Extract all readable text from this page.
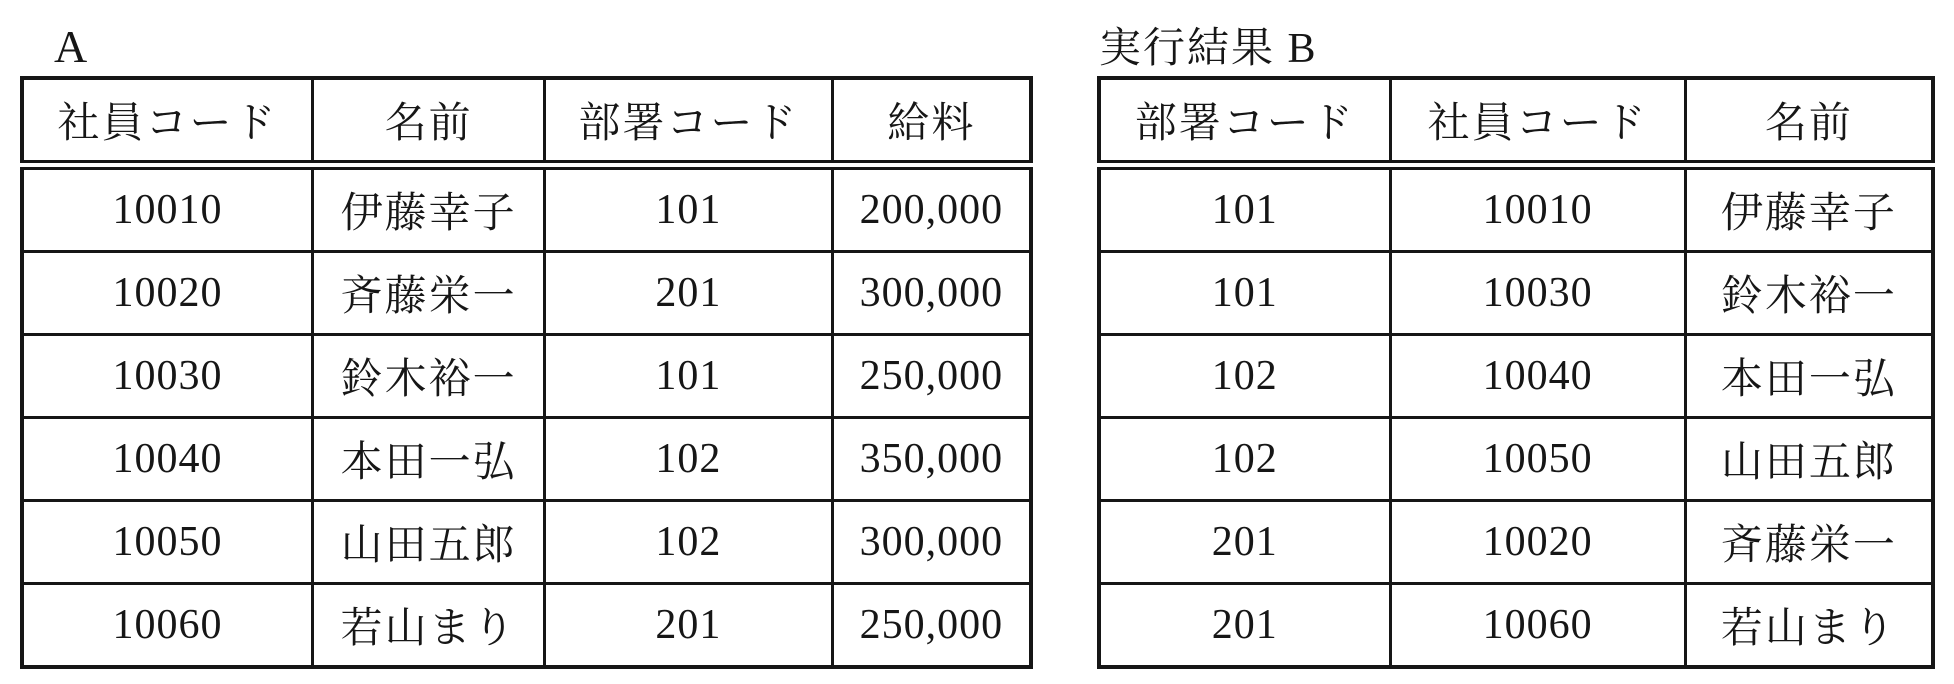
A
社員コード	名前	部署コード	給料
10010	伊藤幸子	101	200,000
10020	斉藤栄一	201	300,000
10030	鈴木裕一	101	250,000
10040	本田一弘	102	350,000
10050	山田五郎	102	300,000
10060	若山まり	201	250,000
実行結果 B
部署コード	社員コード	名前
101	10010	伊藤幸子
101	10030	鈴木裕一
102	10040	本田一弘
102	10050	山田五郎
201	10020	斉藤栄一
201	10060	若山まり
